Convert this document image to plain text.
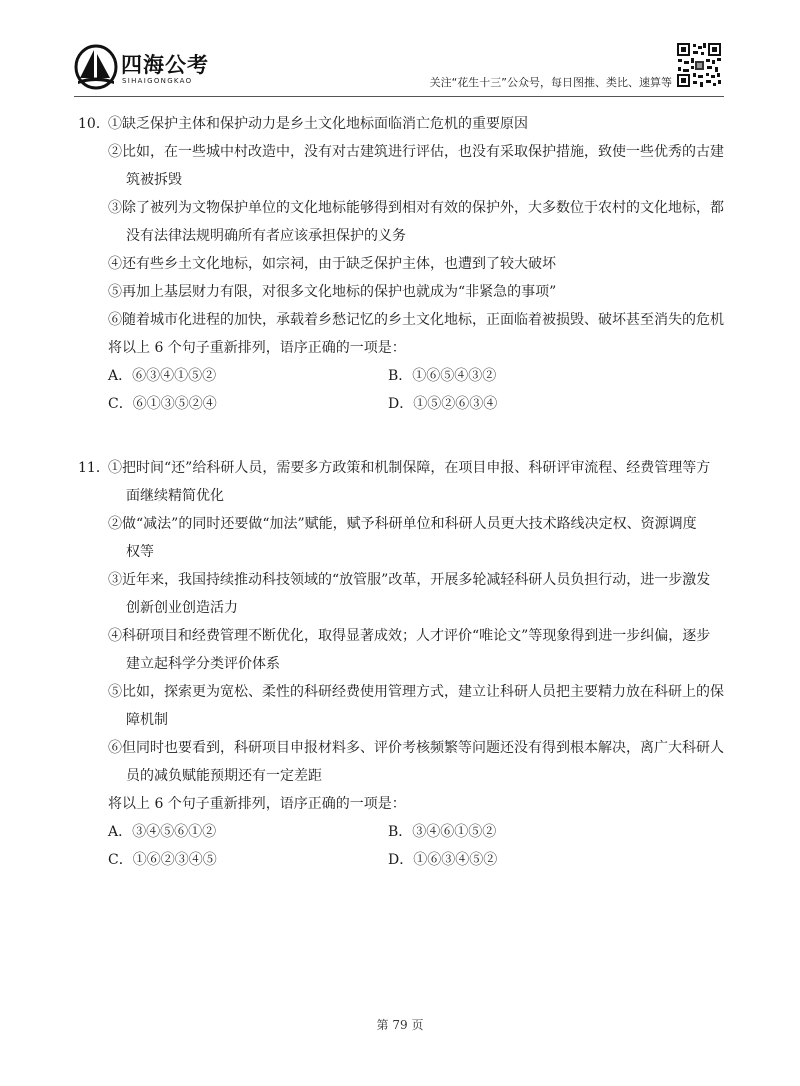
四海公考
SIHAIGONGKAO	关注“花生十三”公众号，每日图推、类比、速算等
10．
①缺乏保护主体和保护动力是乡土文化地标面临消亡危机的重要原因
②比如，在一些城中村改造中，没有对古建筑进行评估，也没有采取保护措施，致使一些优秀的古建
筑被拆毁
③除了被列为文物保护单位的文化地标能够得到相对有效的保护外，大多数位于农村的文化地标，都
没有法律法规明确所有者应该承担保护的义务
④还有些乡土文化地标，如宗祠，由于缺乏保护主体，也遭到了较大破坏
⑤再加上基层财力有限，对很多文化地标的保护也就成为“非紧急的事项”
⑥随着城市化进程的加快，承载着乡愁记忆的乡土文化地标，正面临着被损毁、破坏甚至消失的危机
将以上 6 个句子重新排列，语序正确的一项是：
A．⑥③④①⑤②	B．①⑥⑤④③②
C．⑥①③⑤②④	D．①⑤②⑥③④
11．
①把时间“还”给科研人员，需要多方政策和机制保障，在项目申报、科研评审流程、经费管理等方
面继续精简优化
②做“减法”的同时还要做“加法”赋能，赋予科研单位和科研人员更大技术路线决定权、资源调度
权等
③近年来，我国持续推动科技领域的“放管服”改革，开展多轮减轻科研人员负担行动，进一步激发
创新创业创造活力
④科研项目和经费管理不断优化，取得显著成效；人才评价“唯论文”等现象得到进一步纠偏，逐步
建立起科学分类评价体系
⑤比如，探索更为宽松、柔性的科研经费使用管理方式，建立让科研人员把主要精力放在科研上的保
障机制
⑥但同时也要看到，科研项目申报材料多、评价考核频繁等问题还没有得到根本解决，离广大科研人
员的减负赋能预期还有一定差距
将以上 6 个句子重新排列，语序正确的一项是：
A．③④⑤⑥①②	B．③④⑥①⑤②
C．①⑥②③④⑤	D．①⑥③④⑤②
第 79 页
